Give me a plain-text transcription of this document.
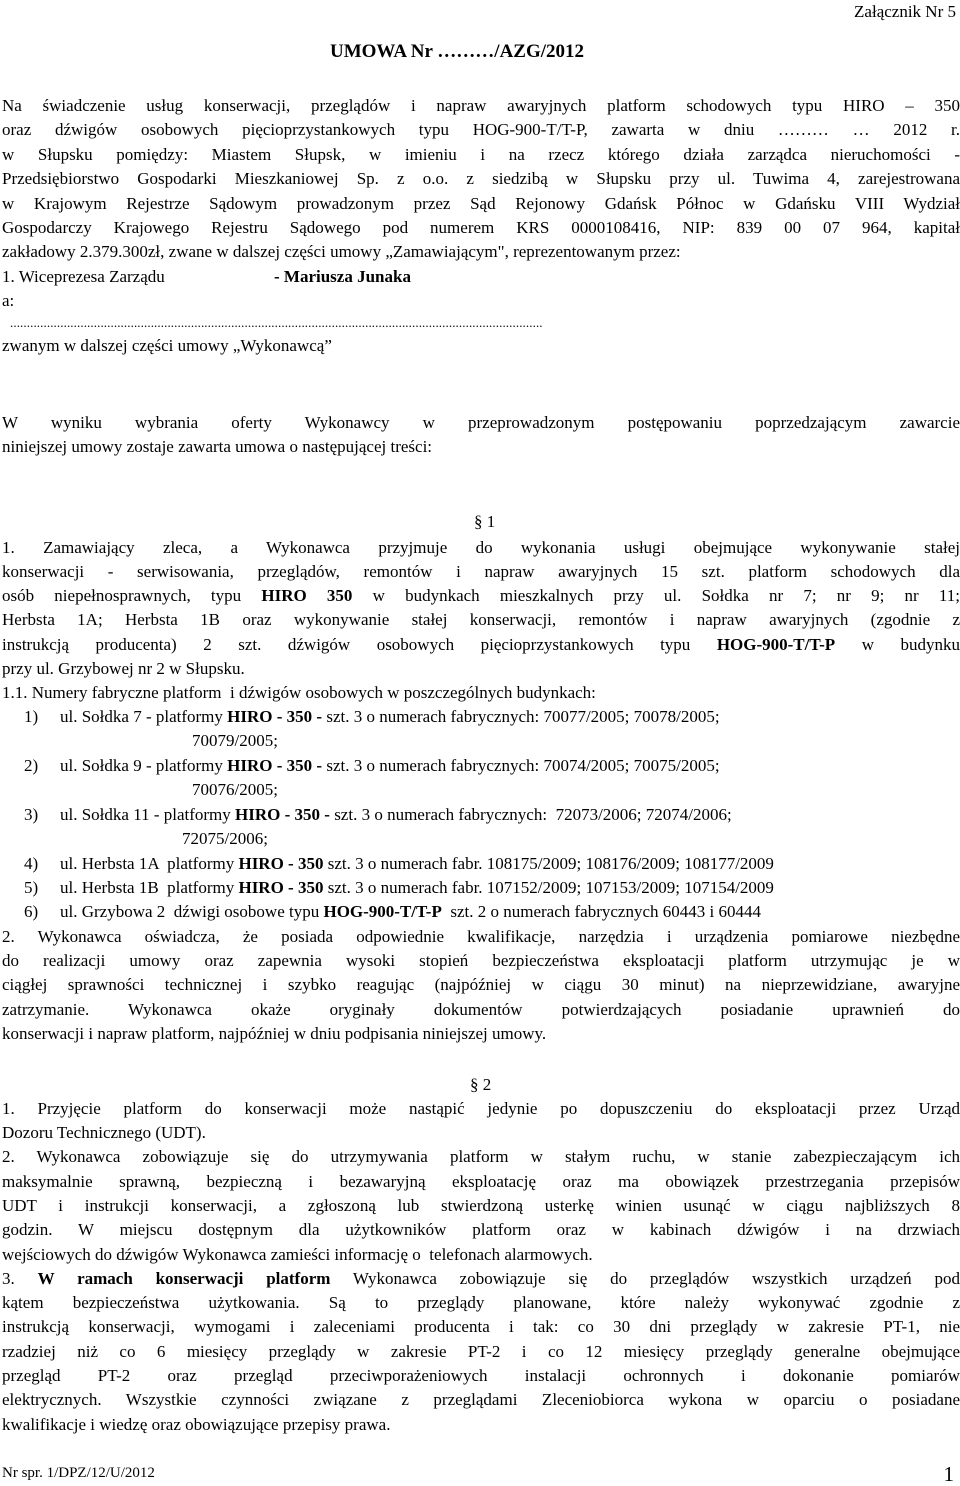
Załącznik Nr 5
UMOWA Nr ………/AZG/2012
Na świadczenie usług konserwacji, przeglądów i napraw awaryjnych platform schodowych typu HIRO – 350
oraz dźwigów osobowych pięcioprzystankowych typu HOG-900-T/T-P, zawarta w dniu ……… … 2012 r.
w Słupsku pomiędzy: Miastem Słupsk, w imieniu i na rzecz którego działa zarządca nieruchomości -
Przedsiębiorstwo Gospodarki Mieszkaniowej Sp. z o.o. z siedzibą w Słupsku przy ul. Tuwima 4, zarejestrowana
w Krajowym Rejestrze Sądowym prowadzonym przez Sąd Rejonowy Gdańsk Północ w Gdańsku VIII Wydział
Gospodarczy Krajowego Rejestru Sądowego pod numerem KRS 0000108416, NIP: 839 00 07 964, kapitał
zakładowy 2.379.300zł, zwane w dalszej części umowy „Zamawiającym", reprezentowanym przez:
1. Wiceprezesa Zarządu	- Mariusza Junaka
a:
...............................................................................................................................................................
zwanym w dalszej części umowy „Wykonawcą”
W wyniku wybrania oferty Wykonawcy w przeprowadzonym postępowaniu poprzedzającym zawarcie
niniejszej umowy zostaje zawarta umowa o następującej treści:
§ 1
1. Zamawiający zleca, a Wykonawca przyjmuje do wykonania usługi obejmujące wykonywanie stałej
konserwacji - serwisowania, przeglądów, remontów i napraw awaryjnych 15 szt. platform schodowych dla
osób niepełnosprawnych, typu HIRO 350 w budynkach mieszkalnych przy ul. Sołdka nr 7; nr 9; nr 11;
Herbsta 1A; Herbsta 1B oraz wykonywanie stałej konserwacji, remontów i napraw awaryjnych (zgodnie z
instrukcją producenta) 2 szt. dźwigów osobowych pięcioprzystankowych typu HOG-900-T/T-P w budynku
przy ul. Grzybowej nr 2 w Słupsku.
1.1. Numery fabryczne platform  i dźwigów osobowych w poszczególnych budynkach:
1) ul. Sołdka 7 - platformy HIRO - 350 - szt. 3 o numerach fabrycznych: 70077/2005; 70078/2005;
70079/2005;
2) ul. Sołdka 9 - platformy HIRO - 350 - szt. 3 o numerach fabrycznych: 70074/2005; 70075/2005;
70076/2005;
3) ul. Sołdka 11 - platformy HIRO - 350 - szt. 3 o numerach fabrycznych:  72073/2006; 72074/2006;
72075/2006;
4) ul. Herbsta 1A  platformy HIRO - 350 szt. 3 o numerach fabr. 108175/2009; 108176/2009; 108177/2009
5) ul. Herbsta 1B  platformy HIRO - 350 szt. 3 o numerach fabr. 107152/2009; 107153/2009; 107154/2009
6) ul. Grzybowa 2  dźwigi osobowe typu HOG-900-T/T-P  szt. 2 o numerach fabrycznych 60443 i 60444
2. Wykonawca oświadcza, że posiada odpowiednie kwalifikacje, narzędzia i urządzenia pomiarowe niezbędne
do realizacji umowy oraz zapewnia wysoki stopień bezpieczeństwa eksploatacji platform utrzymując je w
ciągłej sprawności technicznej i szybko reagując (najpóźniej w ciągu 30 minut) na nieprzewidziane, awaryjne
zatrzymanie. Wykonawca okaże oryginały dokumentów potwierdzających posiadanie uprawnień do
konserwacji i napraw platform, najpóźniej w dniu podpisania niniejszej umowy.
§ 2
1. Przyjęcie platform do konserwacji może nastąpić jedynie po dopuszczeniu do eksploatacji przez Urząd
Dozoru Technicznego (UDT).
2. Wykonawca zobowiązuje się do utrzymywania platform w stałym ruchu, w stanie zabezpieczającym ich
maksymalnie sprawną, bezpieczną i bezawaryjną eksploatację oraz ma obowiązek przestrzegania przepisów
UDT i instrukcji konserwacji, a zgłoszoną lub stwierdzoną usterkę winien usunąć w ciągu najbliższych 8
godzin. W miejscu dostępnym dla użytkowników platform oraz w kabinach dźwigów i na drzwiach
wejściowych do dźwigów Wykonawca zamieści informację o  telefonach alarmowych.
3. W ramach konserwacji platform Wykonawca zobowiązuje się do przeglądów wszystkich urządzeń pod
kątem bezpieczeństwa użytkowania. Są to przeglądy planowane, które należy wykonywać zgodnie z
instrukcją konserwacji, wymogami i zaleceniami producenta i tak: co 30 dni przeglądy w zakresie PT-1, nie
rzadziej niż co 6 miesięcy przeglądy w zakresie PT-2 i co 12 miesięcy przeglądy generalne obejmujące
przegląd PT-2 oraz przegląd przeciwporażeniowych instalacji ochronnych i dokonanie pomiarów
elektrycznych. Wszystkie czynności związane z przeglądami Zleceniobiorca wykona w oparciu o posiadane
kwalifikacje i wiedzę oraz obowiązujące przepisy prawa.
Nr spr. 1/DPZ/12/U/2012	1
